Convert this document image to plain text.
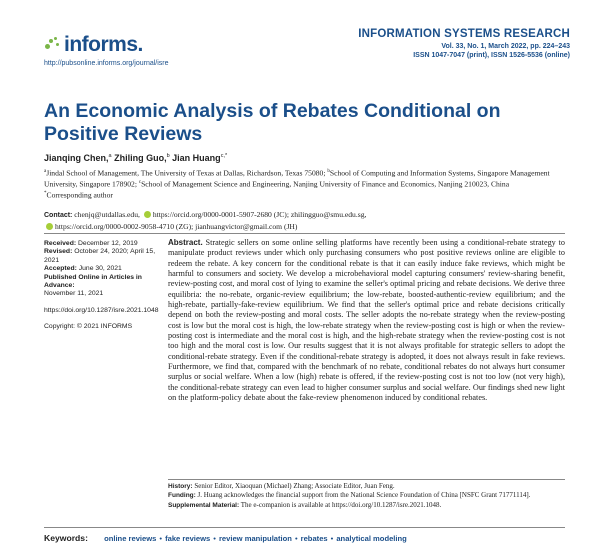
informs.
http://pubsonline.informs.org/journal/isre
INFORMATION SYSTEMS RESEARCH
Vol. 33, No. 1, March 2022, pp. 224–243
ISSN 1047-7047 (print), ISSN 1526-5536 (online)
An Economic Analysis of Rebates Conditional on Positive Reviews
Jianqing Chen,$^a$ Zhiling Guo,$^b$ Jian Huang$^{c,*}$
$^a$Jindal School of Management, The University of Texas at Dallas, Richardson, Texas 75080; $^b$School of Computing and Information Systems, Singapore Management University, Singapore 178902; $^c$School of Management Science and Engineering, Nanjing University of Finance and Economics, Nanjing 210023, China
*Corresponding author
Contact: chenjq@utdallas.edu, https://orcid.org/0000-0001-5907-2680 (JC); zhilingguo@smu.edu.sg,
https://orcid.org/0000-0002-9058-4710 (ZG); jianhuangvictor@gmail.com (JH)
Received: December 12, 2019
Revised: October 24, 2020; April 15, 2021
Accepted: June 30, 2021
Published Online in Articles in Advance:
November 11, 2021
https://doi.org/10.1287/isre.2021.1048
Copyright: © 2021 INFORMS
Abstract. Strategic sellers on some online selling platforms have recently been using a conditional-rebate strategy to manipulate product reviews under which only purchasing consumers who post positive reviews online are eligible to redeem the rebate. A key concern for the conditional rebate is that it can easily induce fake reviews, which might be harmful to consumers and society. We develop a microbehavioral model capturing consumers' review-sharing benefit, review-posting cost, and moral cost of lying to examine the seller's optimal pricing and rebate decisions. We derive three equilibria: the no-rebate, organic-review equilibrium; the low-rebate, boosted-authentic-review equilibrium; and the high-rebate, partially-fake-review equilibrium. We find that the seller's optimal price and rebate decisions critically depend on both the review-posting and moral costs. The seller adopts the no-rebate strategy when the review-posting cost is low but the moral cost is high, the low-rebate strategy when the review-posting cost is high or when the review-posting cost is intermediate and the moral cost is high, and the high-rebate strategy when the review-posting cost is not too high and the moral cost is low. Our results suggest that it is not always profitable for strategic sellers to adopt the conditional-rebate strategy. Even if the conditional-rebate strategy is adopted, it does not always result in fake reviews. Furthermore, we find that, compared with the benchmark of no rebate, conditional rebates do not always hurt consumer surplus or social welfare. When a low (high) rebate is offered, if the review-posting cost is not too low (not very high), the conditional-rebate strategy can even lead to higher consumer surplus and social welfare. Our findings shed new light on the platform-policy debate about the fake-review phenomenon induced by conditional rebates.
History: Senior Editor, Xiaoquan (Michael) Zhang; Associate Editor, Juan Feng.
Funding: J. Huang acknowledges the financial support from the National Science Foundation of China [NSFC Grant 71771114].
Supplemental Material: The e-companion is available at https://doi.org/10.1287/isre.2021.1048.
Keywords: online reviews • fake reviews • review manipulation • rebates • analytical modeling
